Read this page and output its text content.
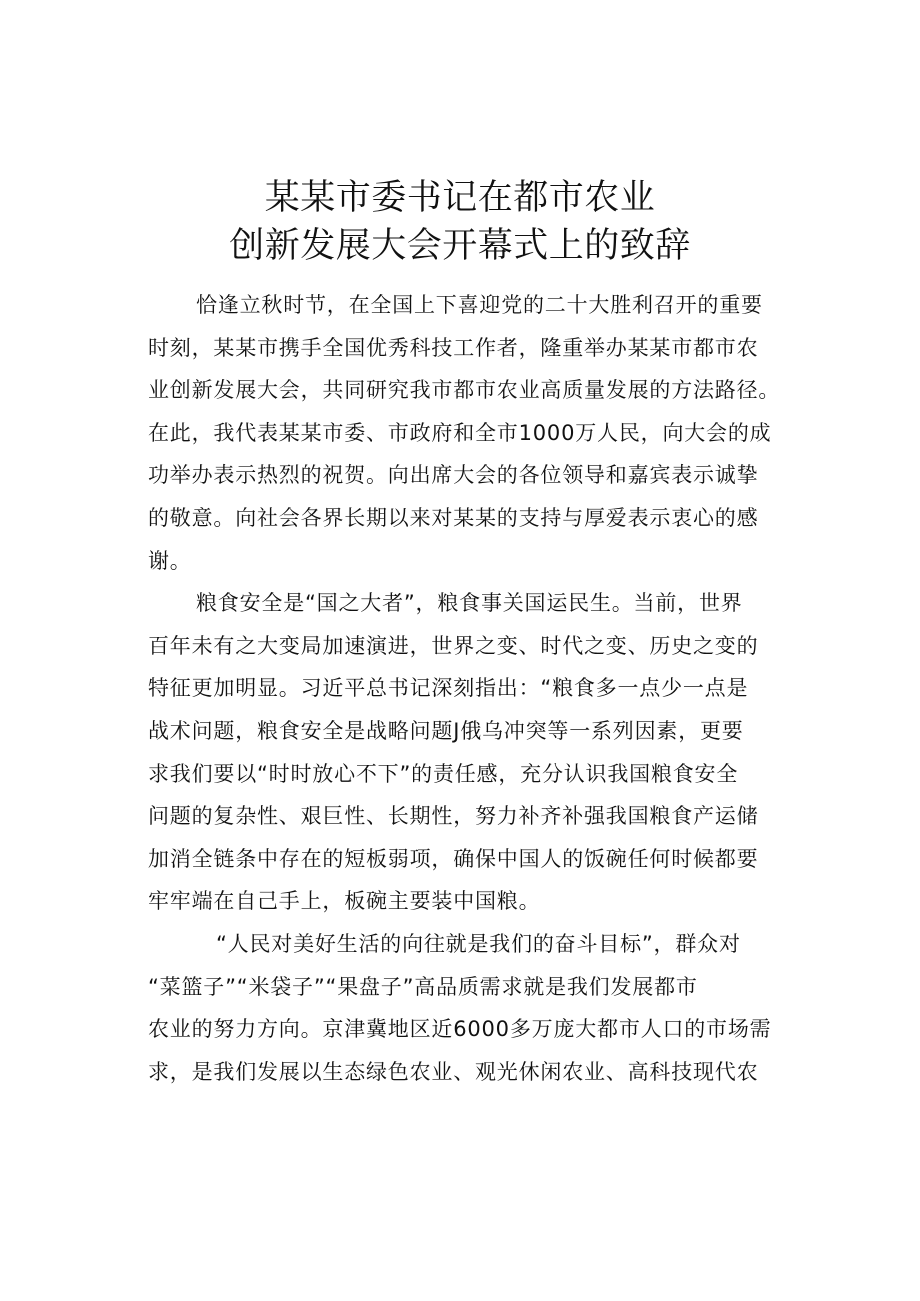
某某市委书记在都市农业
创新发展大会开幕式上的致辞

恰逢立秋时节，在全国上下喜迎党的二十大胜利召开的重要
时刻，某某市携手全国优秀科技工作者，隆重举办某某市都市农
业创新发展大会，共同研究我市都市农业高质量发展的方法路径。
在此，我代表某某市委、市政府和全市1000万人民，向大会的成
功举办表示热烈的祝贺。向出席大会的各位领导和嘉宾表示诚挚
的敬意。向社会各界长期以来对某某的支持与厚爱表示衷心的感
谢。

粮食安全是“国之大者”，粮食事关国运民生。当前，世界
百年未有之大变局加速演进，世界之变、时代之变、历史之变的
特征更加明显。习近平总书记深刻指出：“粮食多一点少一点是
战术问题，粮食安全是战略问题J俄乌冲突等一系列因素，更要
求我们要以“时时放心不下”的责任感，充分认识我国粮食安全
问题的复杂性、艰巨性、长期性，努力补齐补强我国粮食产运储
加消全链条中存在的短板弱项，确保中国人的饭碗任何时候都要
牢牢端在自己手上，板碗主要装中国粮。

“人民对美好生活的向往就是我们的奋斗目标”，群众对
“菜篮子”“米袋子”“果盘子”高品质需求就是我们发展都市
农业的努力方向。京津冀地区近6000多万庞大都市人口的市场需
求，是我们发展以生态绿色农业、观光休闲农业、高科技现代农
